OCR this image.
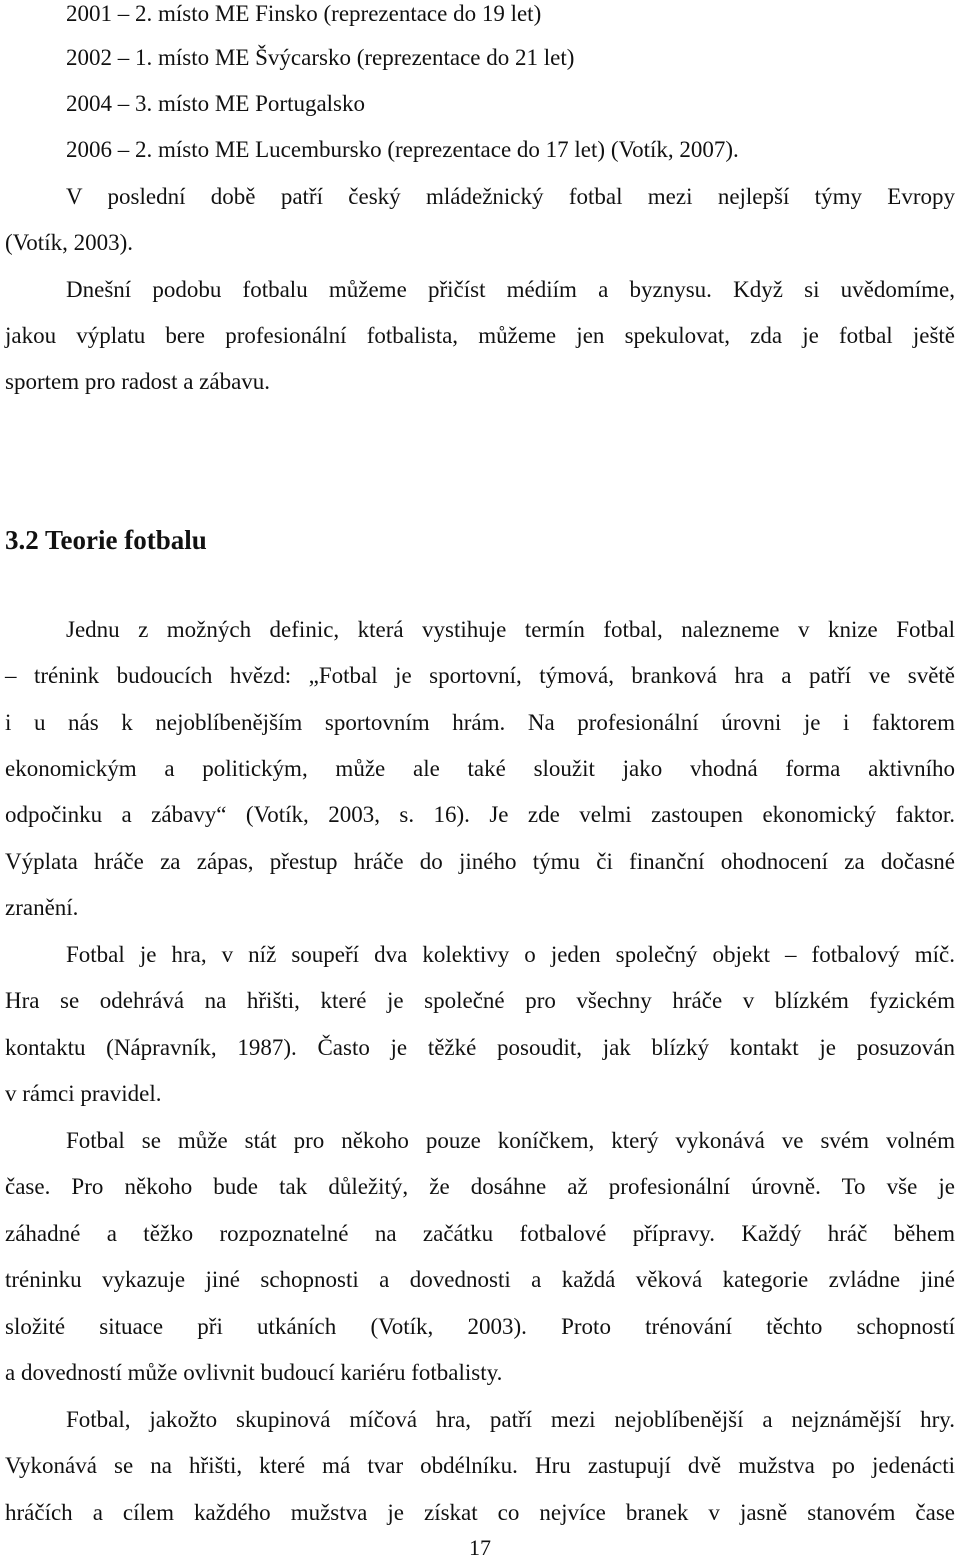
2001 – 2. místo ME Finsko (reprezentace do 19 let)
2002 – 1. místo ME Švýcarsko (reprezentace do 21 let)
2004 – 3. místo ME Portugalsko
2006 – 2. místo ME Lucembursko (reprezentace do 17 let) (Votík, 2007).
V poslední době patří český mládežnický fotbal mezi nejlepší týmy Evropy
(Votík, 2003).
Dnešní podobu fotbalu můžeme přičíst médiím a byznysu. Když si uvědomíme,
jakou výplatu bere profesionální fotbalista, můžeme jen spekulovat, zda je fotbal ještě
sportem pro radost a zábavu.
3.2 Teorie fotbalu
Jednu z možných definic, která vystihuje termín fotbal, nalezneme v knize Fotbal
– trénink budoucích hvězd: „Fotbal je sportovní, týmová, branková hra a patří ve světě
i u nás k nejoblíbenějším sportovním hrám. Na profesionální úrovni je i faktorem
ekonomickým a politickým, může ale také sloužit jako vhodná forma aktivního
odpočinku a zábavy“ (Votík, 2003, s. 16). Je zde velmi zastoupen ekonomický faktor.
Výplata hráče za zápas, přestup hráče do jiného týmu či finanční ohodnocení za dočasné
zranění.
Fotbal je hra, v níž soupeří dva kolektivy o jeden společný objekt – fotbalový míč.
Hra se odehrává na hřišti, které je společné pro všechny hráče v blízkém fyzickém
kontaktu (Nápravník, 1987). Často je těžké posoudit, jak blízký kontakt je posuzován
v rámci pravidel.
Fotbal se může stát pro někoho pouze koníčkem, který vykonává ve svém volném
čase. Pro někoho bude tak důležitý, že dosáhne až profesionální úrovně. To vše je
záhadné a těžko rozpoznatelné na začátku fotbalové přípravy. Každý hráč během
tréninku vykazuje jiné schopnosti a dovednosti a každá věková kategorie zvládne jiné
složité situace při utkáních (Votík, 2003). Proto trénování těchto schopností
a dovedností může ovlivnit budoucí kariéru fotbalisty.
Fotbal, jakožto skupinová míčová hra, patří mezi nejoblíbenější a nejznámější hry.
Vykonává se na hřišti, které má tvar obdélníku. Hru zastupují dvě mužstva po jedenácti
hráčích a cílem každého mužstva je získat co nejvíce branek v jasně stanovém čase
17
